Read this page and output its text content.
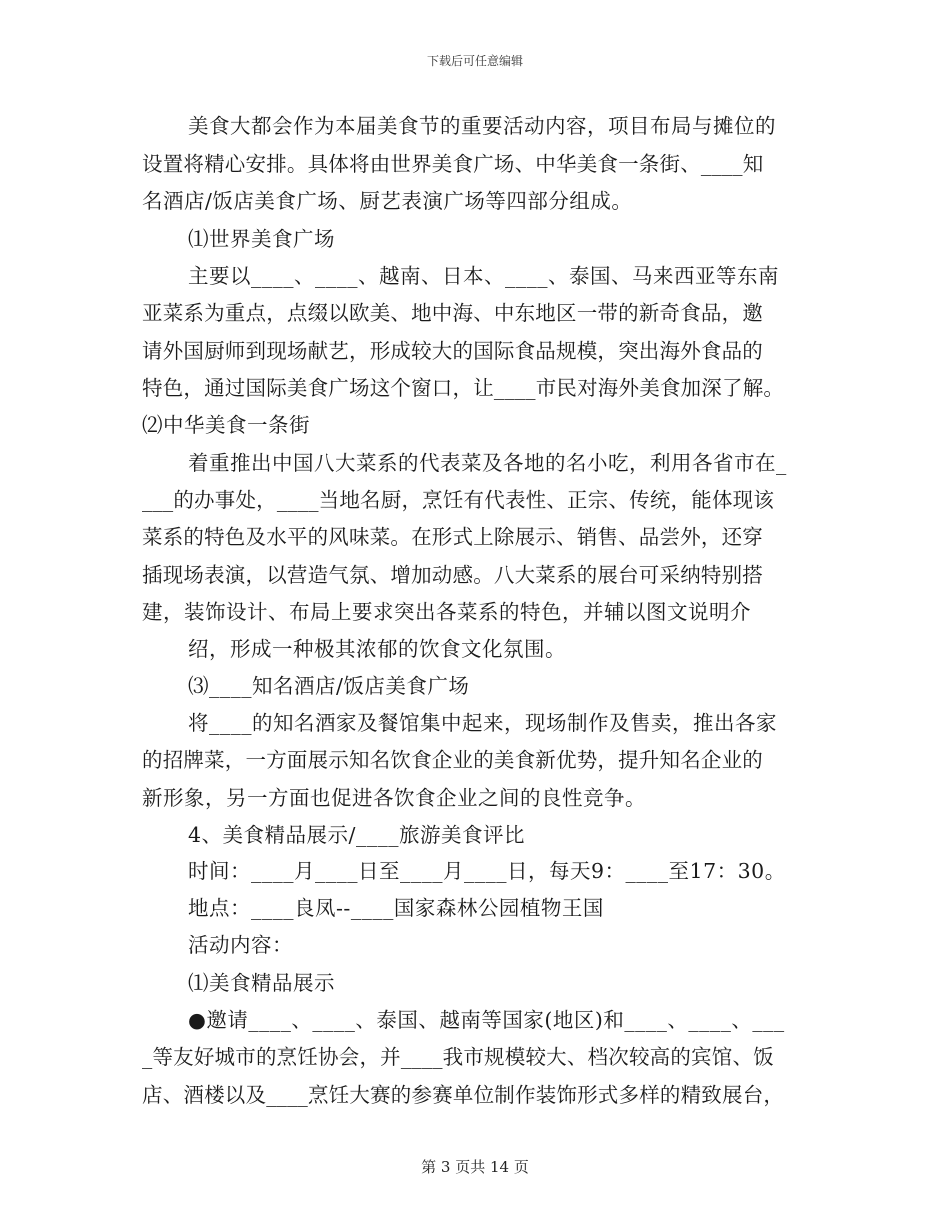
下载后可任意编辑
美食大都会作为本届美食节的重要活动内容，项目布局与摊位的
设置将精心安排。具体将由世界美食广场、中华美食一条街、____知
名酒店/饭店美食广场、厨艺表演广场等四部分组成。
⑴世界美食广场
主要以____、____、越南、日本、____、泰国、马来西亚等东南
亚菜系为重点，点缀以欧美、地中海、中东地区一带的新奇食品，邀
请外国厨师到现场献艺，形成较大的国际食品规模，突出海外食品的
特色，通过国际美食广场这个窗口，让____市民对海外美食加深了解。
⑵中华美食一条街
着重推出中国八大菜系的代表菜及各地的名小吃，利用各省市在_
___的办事处，____当地名厨，烹饪有代表性、正宗、传统，能体现该
菜系的特色及水平的风味菜。在形式上除展示、销售、品尝外，还穿
插现场表演，以营造气氛、增加动感。八大菜系的展台可采纳特别搭
建，装饰设计、布局上要求突出各菜系的特色，并辅以图文说明介
绍，形成一种极其浓郁的饮食文化氛围。
⑶____知名酒店/饭店美食广场
将____的知名酒家及餐馆集中起来，现场制作及售卖，推出各家
的招牌菜，一方面展示知名饮食企业的美食新优势，提升知名企业的
新形象，另一方面也促进各饮食企业之间的良性竞争。
4、美食精品展示/____旅游美食评比
时间：____月____日至____月____日，每天9：____至17：30。
地点：____良凤--____国家森林公园植物王国
活动内容：
⑴美食精品展示
●邀请____、____、泰国、越南等国家(地区)和____、____、___
_等友好城市的烹饪协会，并____我市规模较大、档次较高的宾馆、饭
店、酒楼以及____烹饪大赛的参赛单位制作装饰形式多样的精致展台，
第 3 页共 14 页
